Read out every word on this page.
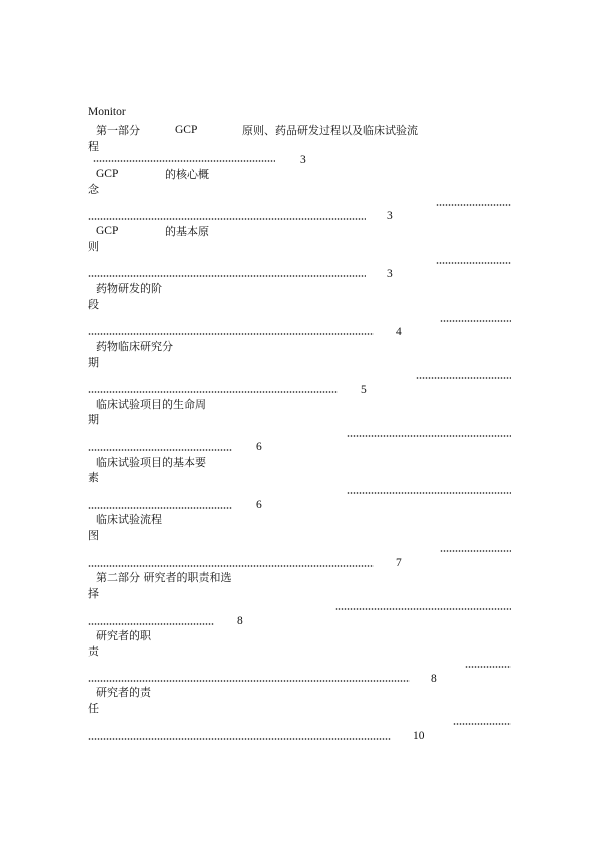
Monitor
第一部分	GCP	原则、药品研发过程以及临床试验流
程
3
GCP	的核心概
念
3
GCP	的基本原
则
3
药物研发的阶
段
4
药物临床研究分
期
5
临床试验项目的生命周
期
6
临床试验项目的基本要
素
6
临床试验流程
图
7
第二部分 研究者的职责和选
择
8
研究者的职
责
8
研究者的责
任
10
